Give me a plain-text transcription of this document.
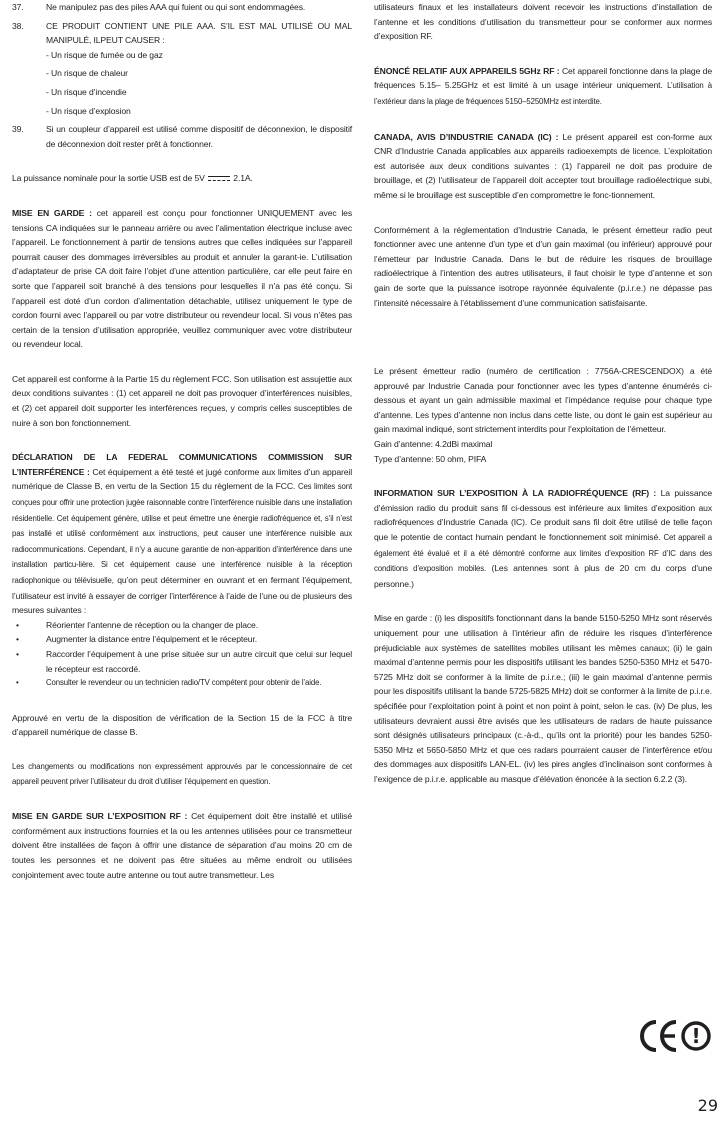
37.	Ne manipulez pas des piles AAA qui fuient ou qui sont endommagées.
38.	CE PRODUIT CONTIENT UNE PILE AAA. S’IL EST MAL UTILISÉ OU MAL MANIPULÉ, ILPEUT CAUSER :
- Un risque de fumée ou de gaz
- Un risque de chaleur
- Un risque d’incendie
- Un risque d’explosion
39.	Si un coupleur d’appareil est utilisé comme dispositif de déconnexion, le dispositif de déconnexion doit rester prêt à fonctionner.

La puissance nominale pour la sortie USB est de 5V	2.1A.

MISE EN GARDE : cet appareil est conçu pour fonctionner UNIQUEMENT avec les tensions CA indiquées sur le panneau arrière ou avec l’alimentation électrique incluse avec l’appareil. Le fonctionnement à partir de tensions autres que celles indiquées sur l’appareil pourrait causer des dommages irréversibles au produit et annuler la garant-ie. L’utilisation d’adaptateur de prise CA doit faire l’objet d’une attention particulière, car elle peut faire en sorte que l’appareil soit branché à des tensions pour lesquelles il n’a pas été conçu. Si l’appareil est doté d’un cordon d’alimentation détachable, utilisez uniquement le type de cordon fourni avec l’appareil ou par votre distributeur ou revendeur local. Si vous n’êtes pas certain de la tension d’utilisation appropriée, veuillez communiquer avec votre distributeur ou revendeur local.

Cet appareil est conforme à la Partie 15 du règlement FCC. Son utilisation est assujettie aux deux conditions suivantes : (1) cet appareil ne doit pas provoquer d’interférences nuisibles, et (2) cet appareil doit supporter les interférences reçues, y compris celles susceptibles de nuire à son bon fonctionnement.

DÉCLARATION DE LA FEDERAL COMMUNICATIONS COMMISSION SUR L’INTERFÉRENCE : Cet équipement a été testé et jugé conforme aux limites d’un appareil numérique de Classe B, en vertu de la Section 15 du règlement de la FCC. Ces limites sont conçues pour offrir une protection jugée raisonnable contre l’interférence nuisible dans une installation résidentielle. Cet équipement génère, utilise et peut émettre une énergie radiofréquence et, s’il n’est pas installé et utilisé conformément aux instructions, peut causer une interférence nuisible aux radiocommunications. Cependant, il n’y a aucune garantie de non-apparition d’interférence dans une installation particu-lière. Si cet équipement cause une interférence nuisible à la réception radiophonique ou télévisuelle, qu’on peut déterminer en ouvrant et en fermant l’équipement, l’utilisateur est invité à essayer de corriger l’interférence à l’aide de l’une ou de plusieurs des mesures suivantes :

• Réorienter l’antenne de réception ou la changer de place.
• Augmenter la distance entre l’équipement et le récepteur.
• Raccorder l’équipement à une prise située sur un autre circuit que celui sur lequel le récepteur est raccordé.
• Consulter le revendeur ou un technicien radio/TV compétent pour obtenir de l’aide.

Approuvé en vertu de la disposition de vérification de la Section 15 de la FCC à titre d’appareil numérique de classe B.

Les changements ou modifications non expressément approuvés par le concessionnaire de cet appareil peuvent priver l’utilisateur du droit d’utiliser l’équipement en question.

MISE EN GARDE SUR L’EXPOSITION RF : Cet équipement doit être installé et utilisé conformément aux instructions fournies et la ou les antennes utilisées pour ce transmetteur doivent être installées de façon à offrir une distance de séparation d’au moins 20 cm de toutes les personnes et ne doivent pas être situées au même endroit ou utilisées conjointement avec toute autre antenne ou tout autre transmetteur. Les

utilisateurs finaux et les installateurs doivent recevoir les instructions d’installation de l’antenne et les conditions d’utilisation du transmetteur pour se conformer aux normes d’exposition RF.

ÉNONCÉ RELATIF AUX APPAREILS 5GHz RF : Cet appareil fonctionne dans la plage de fréquences 5.15– 5.25GHz et est limité à un usage intérieur uniquement. L’utilisation à l’extérieur dans la plage de fréquences 5150–5250MHz est interdite.

CANADA, AVIS D’INDUSTRIE CANADA (IC) : Le présent appareil est con-forme aux CNR d’Industrie Canada applicables aux appareils radioexempts de licence. L’exploitation est autorisée aux deux conditions suivantes : (1) l’appareil ne doit pas produire de brouillage, et (2) l’utilisateur de l’appareil doit accepter tout brouillage radioélectrique subi, même si le brouillage est susceptible d’en compromettre le fonc-tionnement.

Conformément à la réglementation d’Industrie Canada, le présent émetteur radio peut fonctionner avec une antenne d’un type et d’un gain maximal (ou inférieur) approuvé pour l’émetteur par Industrie Canada. Dans le but de réduire les risques de brouillage radioélectrique à l’intention des autres utilisateurs, il faut choisir le type d’antenne et son gain de sorte que la puissance isotrope rayonnée équivalente (p.i.r.e.) ne dépasse pas l’intensité nécessaire à l’établissement d’une communication satisfaisante.

Le présent émetteur radio (numéro de certification : 7756A-CRESCENDOX) a été approuvé par Industrie Canada pour fonctionner avec les types d’antenne énumérés ci-dessous et ayant un gain admissible maximal et l’impédance requise pour chaque type d’antenne. Les types d’antenne non inclus dans cette liste, ou dont le gain est supérieur au gain maximal indiqué, sont strictement interdits pour l’exploitation de l’émetteur.

Gain d’antenne: 4.2dBi maximal
Type d’antenne: 50 ohm, PIFA

INFORMATION SUR L’EXPOSITION À LA RADIOFRÉQUENCE (RF) : La puissance d’émission radio du produit sans fil ci-dessous est inférieure aux limites d’exposition aux radiofréquences d’Industrie Canada (IC). Ce produit sans fil doit être utilisé de telle façon que le potentie de contact humain pendant le fonctionnement soit minimisé. Cet appareil a également été évalué et il a été démontré conforme aux limites d’exposition RF d’IC dans des conditions d’exposition mobiles. (Les antennes sont à plus de 20 cm du corps d’une personne.)

Mise en garde : (i) les dispositifs fonctionnant dans la bande 5150-5250 MHz sont réservés uniquement pour une utilisation à l’intérieur afin de réduire les risques d’interférence préjudiciable aux systèmes de satellites mobiles utilisant les mêmes canaux; (ii) le gain maximal d’antenne permis pour les dispositifs utilisant les bandes 5250-5350 MHz et 5470-5725 MHz doit se conformer à la limite de p.i.r.e.; (iii) le gain maximal d’antenne permis pour les dispositifs utilisant la bande 5725-5825 MHz) doit se conformer à la limite de p.i.r.e. spécifiée pour l’exploitation point à point et non point à point, selon le cas. (iv) De plus, les utilisateurs devraient aussi être avisés que les utilisateurs de radars de haute puissance sont désignés utilisateurs principaux (c.-à-d., qu’ils ont la priorité) pour les bandes 5250-5350 MHz et 5650-5850 MHz et que ces radars pourraient causer de l’interférence et/ou des dommages aux dispositifs LAN-EL. (iv) les pires angles d’inclinaison sont conformes à l’exigence de p.i.r.e. applicable au masque d’élévation énoncée à la section 6.2.2 (3).

!
29
